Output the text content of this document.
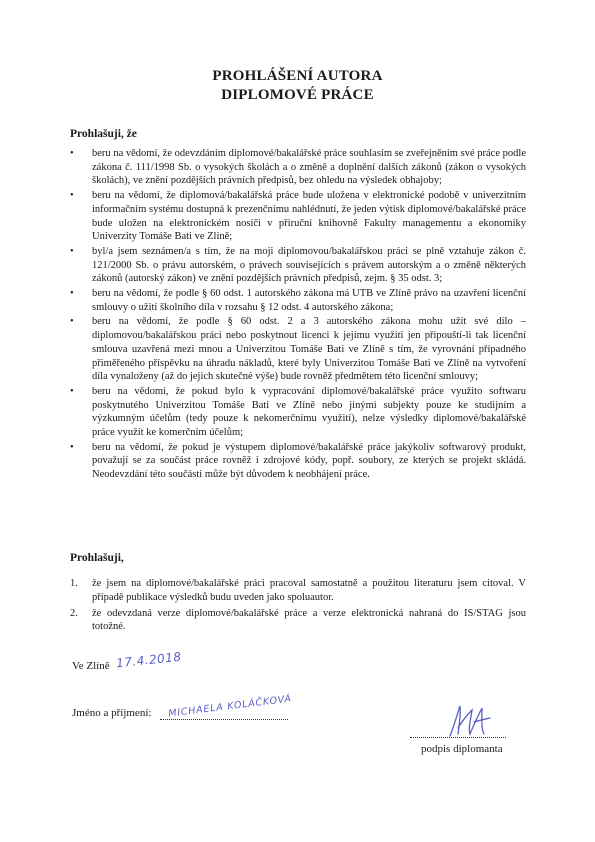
PROHLÁŠENÍ AUTORA
DIPLOMOVÉ PRÁCE
Prohlašuji, že
•	beru na vědomí, že odevzdáním diplomové/bakalářské práce souhlasím se zveřejněním své práce podle zákona č. 111/1998 Sb. o vysokých školách a o změně a doplnění dalších zákonů (zákon o vysokých školách), ve znění pozdějších právních předpisů, bez ohledu na výsledek obhajoby;
•	beru na vědomí, že diplomová/bakalářská práce bude uložena v elektronické podobě v univerzitním informačním systému dostupná k prezenčnímu nahlédnutí, že jeden výtisk diplomové/bakalářské práce bude uložen na elektronickém nosiči v příruční knihovně Fakulty managementu a ekonomiky Univerzity Tomáše Bati ve Zlíně;
•	byl/a jsem seznámen/a s tím, že na moji diplomovou/bakalářskou práci se plně vztahuje zákon č. 121/2000 Sb. o právu autorském, o právech souvisejících s právem autorským a o změně některých zákonů (autorský zákon) ve znění pozdějších právních předpisů, zejm. § 35 odst. 3;
•	beru na vědomí, že podle § 60 odst. 1 autorského zákona má UTB ve Zlíně právo na uzavření licenční smlouvy o užití školního díla v rozsahu § 12 odst. 4 autorského zákona;
•	beru na vědomí, že podle § 60 odst. 2 a 3 autorského zákona mohu užít své dílo – diplomovou/bakalářskou práci nebo poskytnout licenci k jejímu využití jen připouští-li tak licenční smlouva uzavřená mezi mnou a Univerzitou Tomáše Bati ve Zlíně s tím, že vyrovnání případného přiměřeného příspěvku na úhradu nákladů, které byly Univerzitou Tomáše Bati ve Zlíně na vytvoření díla vynaloženy (až do jejich skutečné výše) bude rovněž předmětem této licenční smlouvy;
•	beru na vědomí, že pokud bylo k vypracování diplomové/bakalářské práce využito softwaru poskytnutého Univerzitou Tomáše Bati ve Zlíně nebo jinými subjekty pouze ke studijním a výzkumným účelům (tedy pouze k nekomerčnímu využití), nelze výsledky diplomové/bakalářské práce využít ke komerčním účelům;
•	beru na vědomí, že pokud je výstupem diplomové/bakalářské práce jakýkoliv softwarový produkt, považují se za součást práce rovněž i zdrojové kódy, popř. soubory, ze kterých se projekt skládá. Neodevzdání této součásti může být důvodem k neobhájení práce.
Prohlašuji,
1. že jsem na diplomové/bakalářské práci pracoval samostatně a použitou literaturu jsem citoval. V případě publikace výsledků budu uveden jako spoluautor.
2. že odevzdaná verze diplomové/bakalářské práce a verze elektronická nahraná do IS/STAG jsou totožné.
Ve Zlíně 17.4.2018
Jméno a příjmení: MICHAELA KOLÁČKOVÁ
podpis diplomanta
